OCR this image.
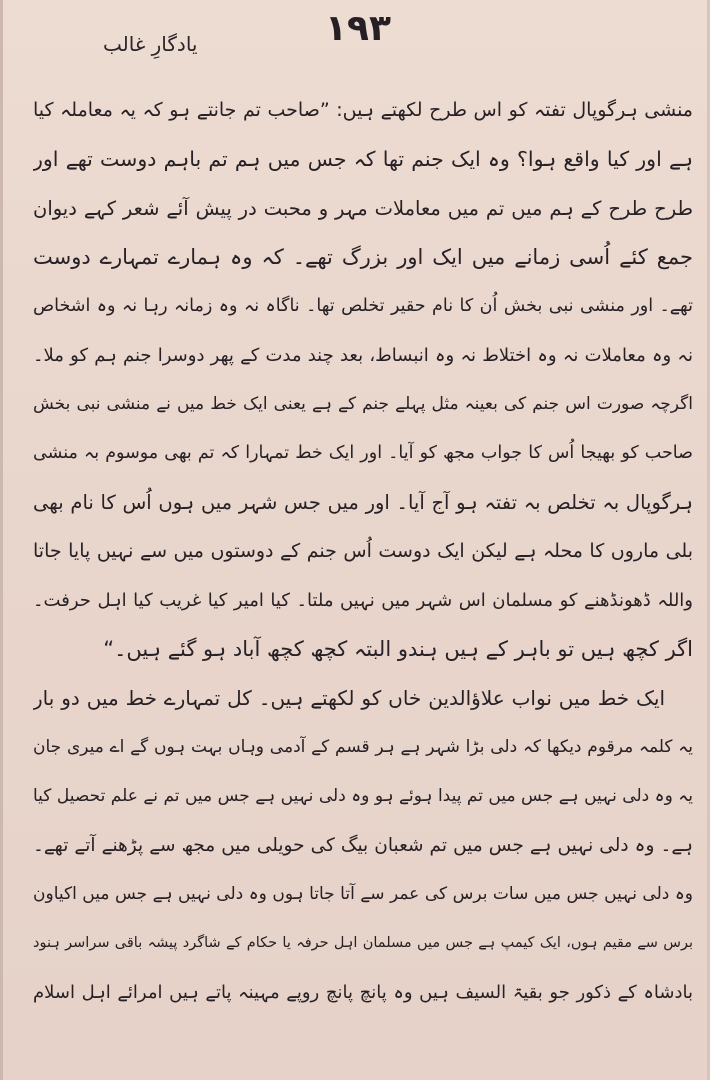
۱۹۳
یادگارِ غالب
منشی ہرگوپال تفتہ کو اس طرح لکھتے ہیں: ”صاحب تم جانتے ہو کہ یہ معاملہ کیا
ہے اور کیا واقع ہوا؟ وہ ایک جنم تھا کہ جس میں ہم تم باہم دوست تھے اور
طرح طرح کے ہم میں تم میں معاملات مہر و محبت در پیش آئے شعر کہے دیوان
جمع کئے اُسی زمانے میں ایک اور بزرگ تھے۔ کہ وہ ہمارے تمہارے دوست
تھے۔ اور منشی نبی بخش اُن کا نام حقیر تخلص تھا۔ ناگاہ نہ وہ زمانہ رہا نہ وہ اشخاص
نہ وہ معاملات نہ وہ اختلاط نہ وہ انبساط، بعد چند مدت کے پھر دوسرا جنم ہم کو ملا۔
اگرچہ صورت اس جنم کی بعینہ مثل پہلے جنم کے ہے یعنی ایک خط میں نے منشی نبی بخش
صاحب کو بھیجا اُس کا جواب مجھ کو آیا۔ اور ایک خط تمہارا کہ تم بھی موسوم بہ منشی
ہرگوپال بہ تخلص بہ تفتہ ہو آج آیا۔ اور میں جس شہر میں ہوں اُس کا نام بھی
بلی ماروں کا محلہ ہے لیکن ایک دوست اُس جنم کے دوستوں میں سے نہیں پایا جاتا
واللہ ڈھونڈھنے کو مسلمان اس شہر میں نہیں ملتا۔ کیا امیر کیا غریب کیا اہل حرفت۔
اگر کچھ ہیں تو باہر کے ہیں ہندو البتہ کچھ کچھ آباد ہو گئے ہیں۔“
ایک خط میں نواب علاؤالدین خاں کو لکھتے ہیں۔ کل تمہارے خط میں دو بار
یہ کلمہ مرقوم دیکھا کہ دلی بڑا شہر ہے ہر قسم کے آدمی وہاں بہت ہوں گے اے میری جان
یہ وہ دلی نہیں ہے جس میں تم پیدا ہوئے ہو وہ دلی نہیں ہے جس میں تم نے علم تحصیل کیا
ہے۔ وہ دلی نہیں ہے جس میں تم شعبان بیگ کی حویلی میں مجھ سے پڑھنے آتے تھے۔
وہ دلی نہیں جس میں سات برس کی عمر سے آتا جاتا ہوں وہ دلی نہیں ہے جس میں اکیاون
برس سے مقیم ہوں، ایک کیمپ ہے جس میں مسلمان اہل حرفہ یا حکام کے شاگرد پیشہ باقی سراسر ہنود
بادشاہ کے ذکور جو بقیۃ السیف ہیں وہ پانچ پانچ روپے مہینہ پاتے ہیں امرائے اہل اسلام
